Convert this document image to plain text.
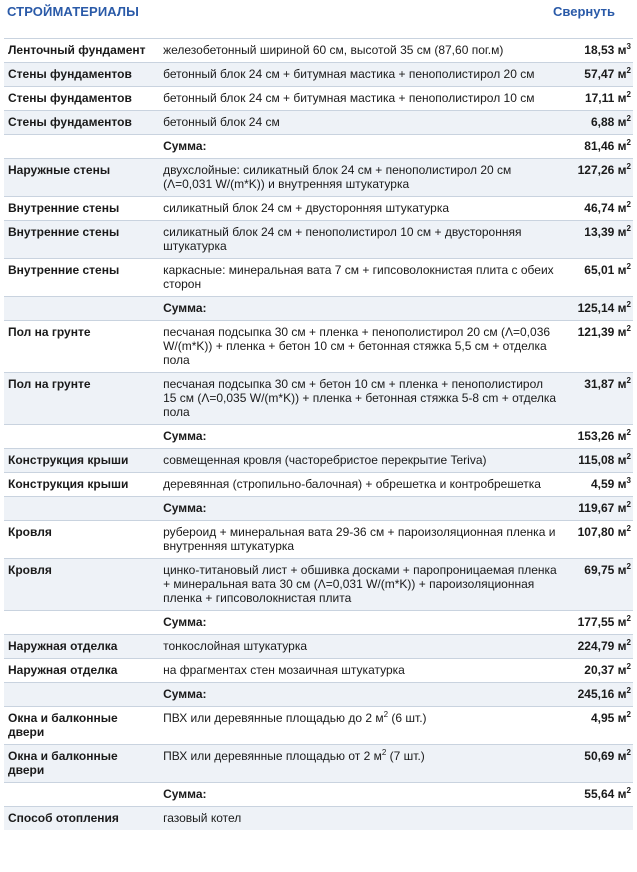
СТРОЙМАТЕРИАЛЫ	Свернуть
Ленточный фундамент	железобетонный шириной 60 см, высотой 35 см (87,60 пог.м)	18,53 $м^3$
Стены фундаментов	бетонный блок 24 см + битумная мастика + пенополистирол 20 см	57,47 $м^2$
Стены фундаментов	бетонный блок 24 см + битумная мастика + пенополистирол 10 см	17,11 $м^2$
Стены фундаментов	бетонный блок 24 см	6,88 $м^2$
	Сумма:	81,46 $м^2$
Наружные стены	двухслойные: силикатный блок 24 см + пенополистирол 20 см (Λ=0,031 W/(m*K)) и внутренняя штукатурка	127,26 $м^2$
Внутренние стены	силикатный блок 24 см + двусторонняя штукатурка	46,74 $м^2$
Внутренние стены	силикатный блок 24 см + пенополистирол 10 см + двусторонняя штукатурка	13,39 $м^2$
Внутренние стены	каркасные: минеральная вата 7 см + гипсоволокнистая плита с обеих сторон	65,01 $м^2$
	Сумма:	125,14 $м^2$
Пол на грунте	песчаная подсыпка 30 см + пленка + пенополистирол 20 см (Λ=0,036 W/(m*K)) + пленка + бетон 10 см + бетонная стяжка 5,5 см + отделка пола	121,39 $м^2$
Пол на грунте	песчаная подсыпка 30 см + бетон 10 см + пленка + пенополистирол 15 см (Λ=0,035 W/(m*K)) + пленка + бетонная стяжка 5-8 cm + отделка пола	31,87 $м^2$
	Сумма:	153,26 $м^2$
Конструкция крыши	совмещенная кровля (часторебристое перекрытие Teriva)	115,08 $м^2$
Конструкция крыши	деревянная (стропильно-балочная) + обрешетка и контробрешетка	4,59 $м^3$
	Сумма:	119,67 $м^2$
Кровля	рубероид + минеральная вата 29-36 см + пароизоляционная пленка и внутренняя штукатурка	107,80 $м^2$
Кровля	цинко-титановый лист + обшивка досками + паропроницаемая пленка + минеральная вата 30 см (Λ=0,031 W/(m*K)) + пароизоляционная пленка + гипсоволокнистая плита	69,75 $м^2$
	Сумма:	177,55 $м^2$
Наружная отделка	тонкослойная штукатурка	224,79 $м^2$
Наружная отделка	на фрагментах стен мозаичная штукатурка	20,37 $м^2$
	Сумма:	245,16 $м^2$
Окна и балконные двери	ПВХ или деревянные площадью до 2 $м^2$ (6 шт.)	4,95 $м^2$
Окна и балконные двери	ПВХ или деревянные площадью от 2 $м^2$ (7 шт.)	50,69 $м^2$
	Сумма:	55,64 $м^2$
Способ отопления	газовый котел	
